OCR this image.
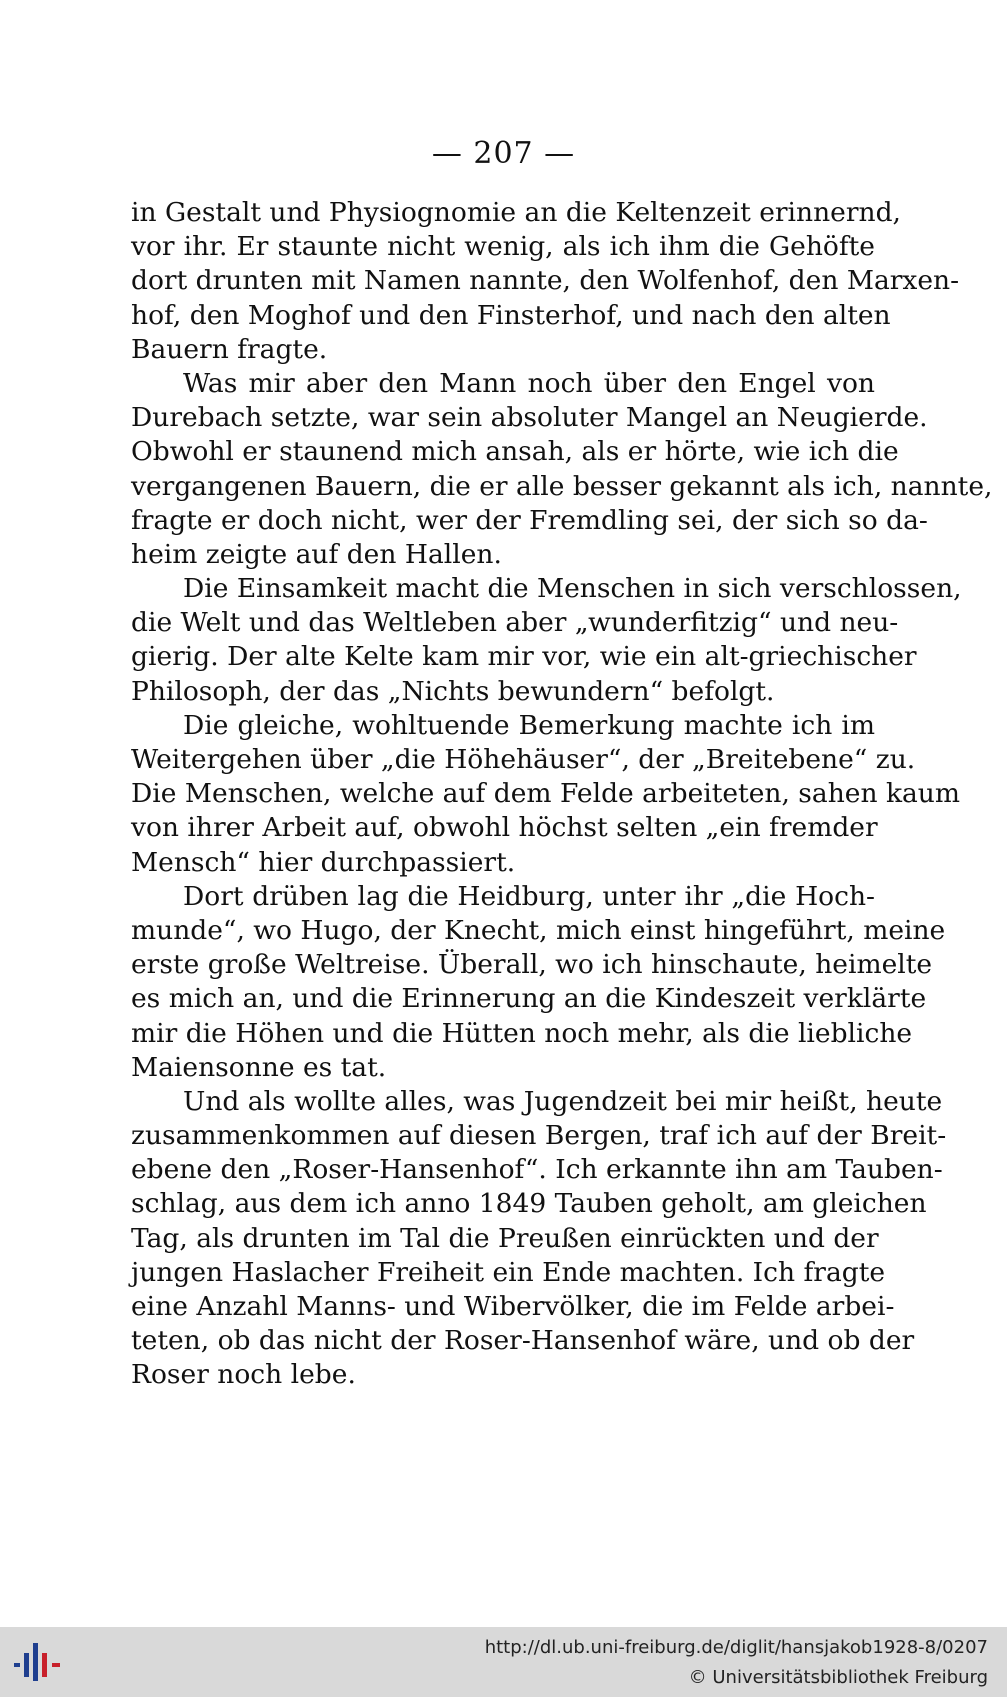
— 207 —
in Gestalt und Physiognomie an die Keltenzeit erinnernd,
vor ihr. Er staunte nicht wenig, als ich ihm die Gehöfte
dort drunten mit Namen nannte, den Wolfenhof, den Marxen-
hof, den Moghof und den Finsterhof, und nach den alten
Bauern fragte.
Was mir aber den Mann noch über den Engel von
Durebach setzte, war sein absoluter Mangel an Neugierde.
Obwohl er staunend mich ansah, als er hörte, wie ich die
vergangenen Bauern, die er alle besser gekannt als ich, nannte,
fragte er doch nicht, wer der Fremdling sei, der sich so da-
heim zeigte auf den Hallen.
Die Einsamkeit macht die Menschen in sich verschlossen,
die Welt und das Weltleben aber „wunderfitzig“ und neu-
gierig. Der alte Kelte kam mir vor, wie ein alt-griechischer
Philosoph, der das „Nichts bewundern“ befolgt.
Die gleiche, wohltuende Bemerkung machte ich im
Weitergehen über „die Höhehäuser“, der „Breitebene“ zu.
Die Menschen, welche auf dem Felde arbeiteten, sahen kaum
von ihrer Arbeit auf, obwohl höchst selten „ein fremder
Mensch“ hier durchpassiert.
Dort drüben lag die Heidburg, unter ihr „die Hoch-
munde“, wo Hugo, der Knecht, mich einst hingeführt, meine
erste große Weltreise. Überall, wo ich hinschaute, heimelte
es mich an, und die Erinnerung an die Kindeszeit verklärte
mir die Höhen und die Hütten noch mehr, als die liebliche
Maiensonne es tat.
Und als wollte alles, was Jugendzeit bei mir heißt, heute
zusammenkommen auf diesen Bergen, traf ich auf der Breit-
ebene den „Roser-Hansenhof“. Ich erkannte ihn am Tauben-
schlag, aus dem ich anno 1849 Tauben geholt, am gleichen
Tag, als drunten im Tal die Preußen einrückten und der
jungen Haslacher Freiheit ein Ende machten. Ich fragte
eine Anzahl Manns- und Wibervölker, die im Felde arbei-
teten, ob das nicht der Roser-Hansenhof wäre, und ob der
Roser noch lebe.
http://dl.ub.uni-freiburg.de/diglit/hansjakob1928-8/0207
© Universitätsbibliothek Freiburg
